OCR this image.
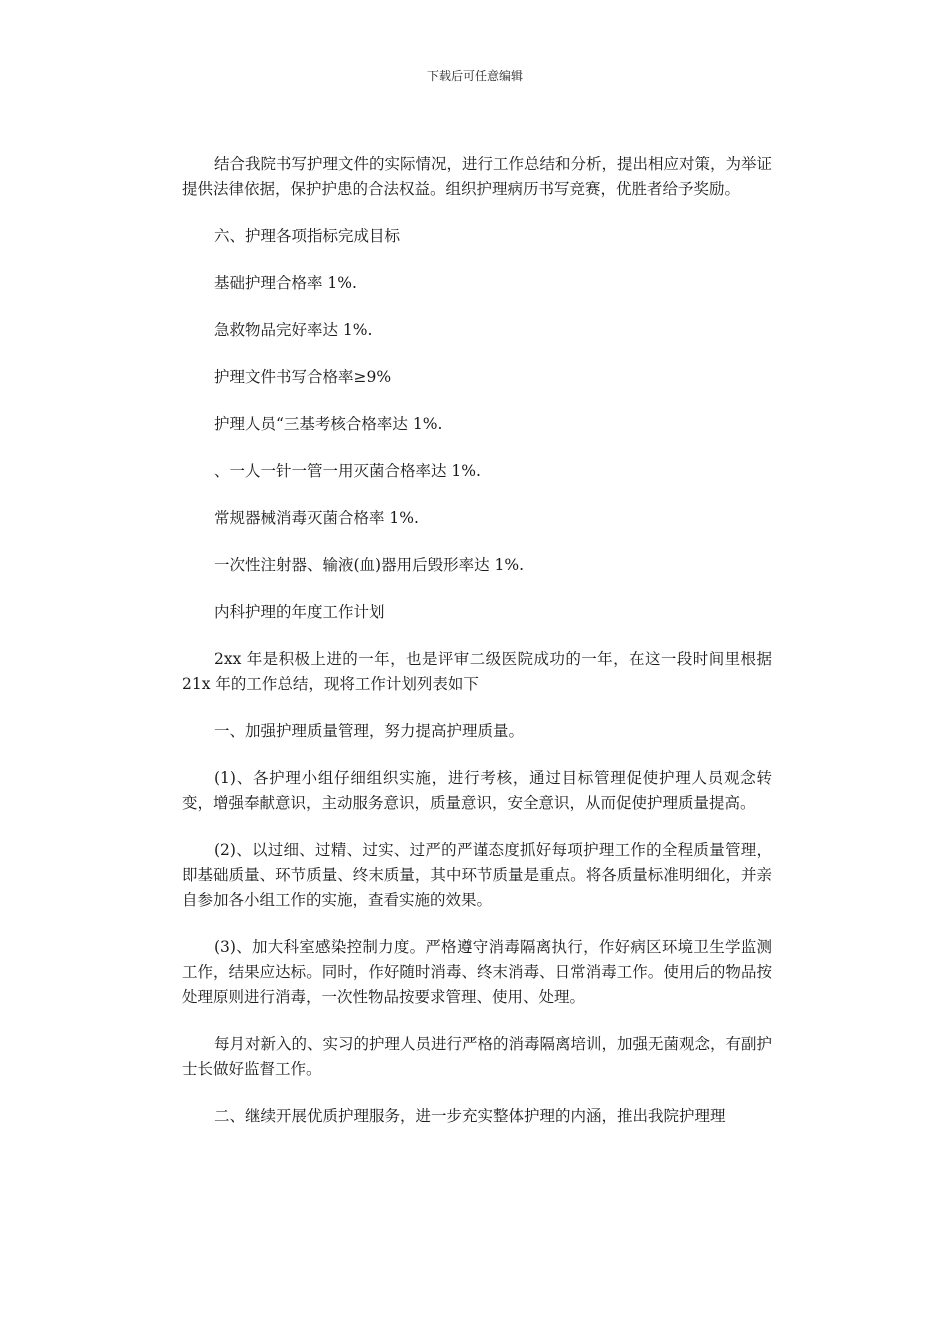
下载后可任意编辑

结合我院书写护理文件的实际情况，进行工作总结和分析，提出相应对策，为举证提供法律依据，保护护患的合法权益。组织护理病历书写竞赛，优胜者给予奖励。

六、护理各项指标完成目标

基础护理合格率 1%.

急救物品完好率达 1%.

护理文件书写合格率≥9%

护理人员“三基考核合格率达 1%.

、一人一针一管一用灭菌合格率达 1%.

常规器械消毒灭菌合格率 1%.

一次性注射器、输液(血)器用后毁形率达 1%.

内科护理的年度工作计划

2xx 年是积极上进的一年，也是评审二级医院成功的一年，在这一段时间里根据 21x 年的工作总结，现将工作计划列表如下

一、加强护理质量管理，努力提高护理质量。

(1)、各护理小组仔细组织实施，进行考核，通过目标管理促使护理人员观念转变，增强奉献意识，主动服务意识，质量意识，安全意识，从而促使护理质量提高。

(2)、以过细、过精、过实、过严的严谨态度抓好每项护理工作的全程质量管理，即基础质量、环节质量、终末质量，其中环节质量是重点。将各质量标准明细化，并亲自参加各小组工作的实施，查看实施的效果。

(3)、加大科室感染控制力度。严格遵守消毒隔离执行，作好病区环境卫生学监测工作，结果应达标。同时，作好随时消毒、终末消毒、日常消毒工作。使用后的物品按处理原则进行消毒，一次性物品按要求管理、使用、处理。

每月对新入的、实习的护理人员进行严格的消毒隔离培训，加强无菌观念，有副护士长做好监督工作。

二、继续开展优质护理服务，进一步充实整体护理的内涵，推出我院护理理
